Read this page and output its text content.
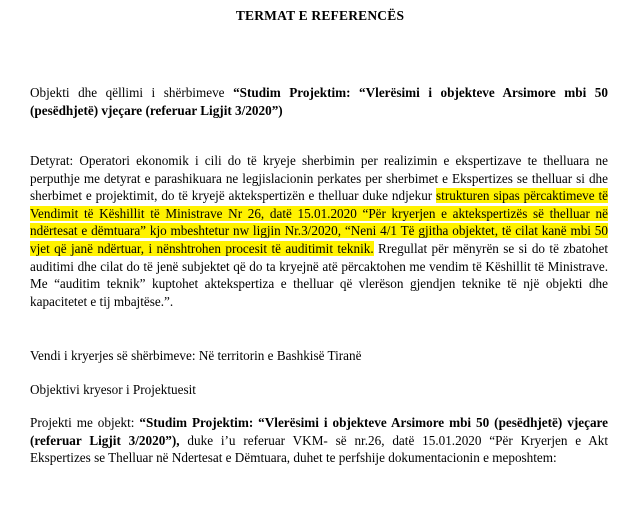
TERMAT E REFERENCËS
Objekti dhe qëllimi i shërbimeve “Studim Projektim: “Vlerësimi i objekteve Arsimore mbi 50 (pesëdhjetë) vjeçare (referuar Ligjit 3/2020”)
Detyrat: Operatori ekonomik i cili do të kryeje sherbimin per realizimin e ekspertizave te thelluara ne perputhje me detyrat e parashikuara ne legjislacionin perkates per sherbimet e Ekspertizes se thelluar si dhe sherbimet e projektimit, do të kryejë aktekspertizën e thelluar duke ndjekur strukturen sipas përcaktimeve të Vendimit të Këshillit të Ministrave Nr 26, datë 15.01.2020 “Për kryerjen e aktekspertizës së thelluar në ndërtesat e dëmtuara” kjo mbeshtetur nw ligjin Nr.3/2020, “Neni 4/1 Të gjitha objektet, të cilat kanë mbi 50 vjet që janë ndërtuar, i nënshtrohen procesit të auditimit teknik. Rregullat për mënyrën se si do të zbatohet auditimi dhe cilat do të jenë subjektet që do ta kryejnë atë përcaktohen me vendim të Këshillit të Ministrave. Me “auditim teknik” kuptohet aktekspertiza e thelluar që vlerëson gjendjen teknike të një objekti dhe kapacitetet e tij mbajtëse.”.
Vendi i kryerjes së shërbimeve: Në territorin e Bashkisë Tiranë
Objektivi kryesor i Projektuesit
Projekti me objekt: “Studim Projektim: “Vlerësimi i objekteve Arsimore mbi 50 (pesëdhjetë) vjeçare (referuar Ligjit 3/2020”), duke i’u referuar VKM- së nr.26, datë 15.01.2020 “Për Kryerjen e Akt Ekspertizes se Thelluar në Ndertesat e Dëmtuara, duhet te perfshije dokumentacionin e meposhtem:
